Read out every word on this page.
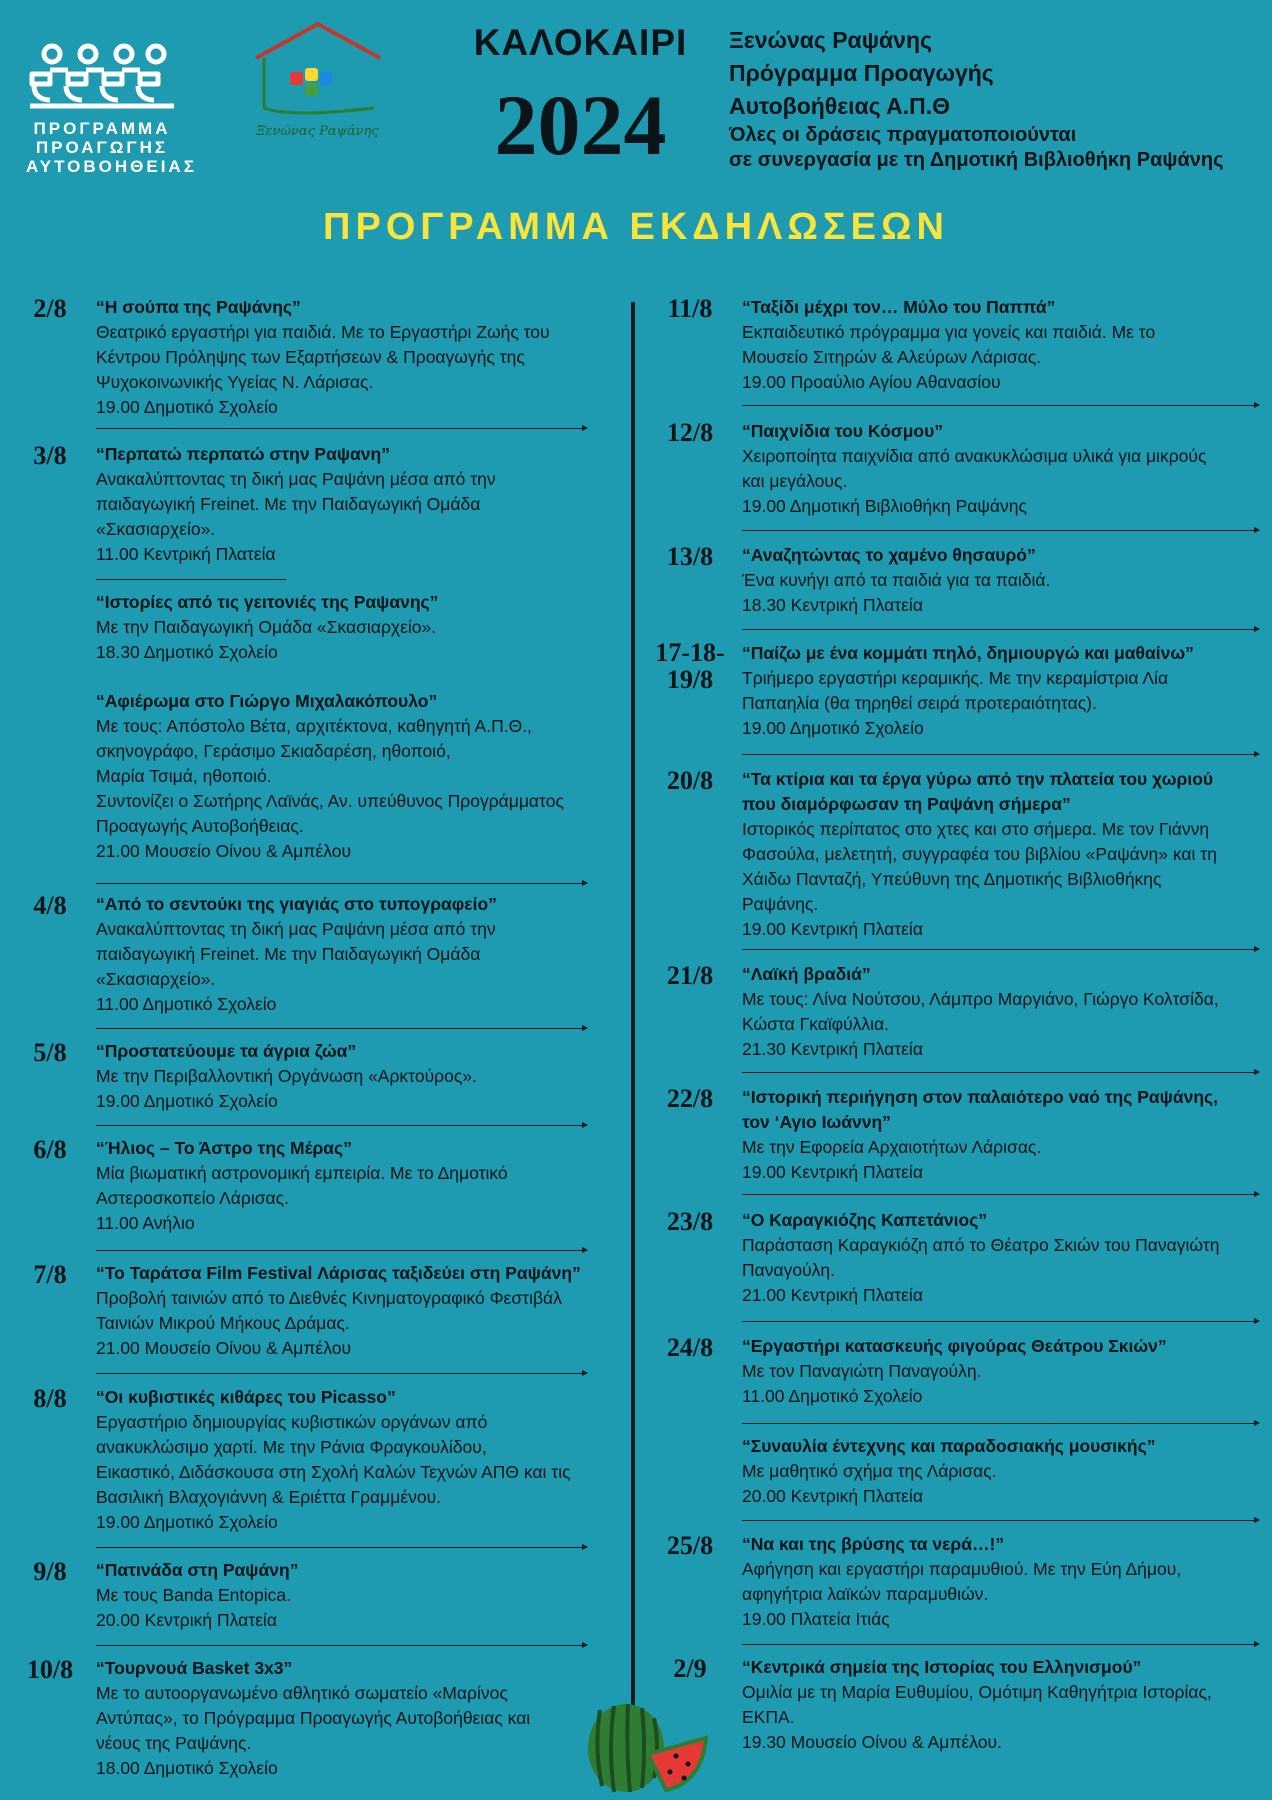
ΠΡΟΓΡΑΜΜΑ
ΠΡΟΑΓΩΓΗΣ
ΑΥΤΟΒΟΗΘΕΙΑΣ
Ξενώνας Ραψάνης
ΚΑΛΟΚΑΙΡΙ
2024
Ξενώνας Ραψάνης
Πρόγραμμα Προαγωγής
Αυτοβοήθειας Α.Π.Θ
Όλες οι δράσεις πραγματοποιούνται
σε συνεργασία με τη Δημοτική Βιβλιοθήκη Ραψάνης
ΠΡΟΓΡΑΜΜΑ ΕΚΔΗΛΩΣΕΩΝ
2/8	“Η σούπα της Ραψάνης”
Θεατρικό εργαστήρι για παιδιά. Με το Εργαστήρι Ζωής του
Κέντρου Πρόληψης των Εξαρτήσεων & Προαγωγής της
Ψυχοκοινωνικής Υγείας Ν. Λάρισας.
19.00 Δημοτικό Σχολείο
3/8	“Περπατώ περπατώ στην Ραψανη”
Ανακαλύπτοντας τη δική μας Ραψάνη μέσα από την
παιδαγωγική Freinet. Με την Παιδαγωγική Ομάδα
«Σκασιαρχείο».
11.00 Κεντρική Πλατεία
“Ιστορίες από τις γειτονιές της Ραψανης”
Με την Παιδαγωγική Ομάδα «Σκασιαρχείο».
18.30 Δημοτικό Σχολείο
“Αφιέρωμα στο Γιώργο Μιχαλακόπουλο”
Με τους: Απόστολο Βέτα, αρχιτέκτονα, καθηγητή Α.Π.Θ.,
σκηνογράφο, Γεράσιμο Σκιαδαρέση, ηθοποιό,
Μαρία Τσιμά, ηθοποιό.
Συντονίζει ο Σωτήρης Λαϊνάς, Αν. υπεύθυνος Προγράμματος
Προαγωγής Αυτοβοήθειας.
21.00 Μουσείο Οίνου & Αμπέλου
4/8	“Από το σεντούκι της γιαγιάς στο τυπογραφείο”
Ανακαλύπτοντας τη δική μας Ραψάνη μέσα από την
παιδαγωγική Freinet. Με την Παιδαγωγική Ομάδα
«Σκασιαρχείο».
11.00 Δημοτικό Σχολείο
5/8	“Προστατεύουμε τα άγρια ζώα”
Με την Περιβαλλοντική Οργάνωση «Αρκτούρος».
19.00 Δημοτικό Σχολείο
6/8	“Ήλιος – Το Άστρο της Μέρας”
Μία βιωματική αστρονομική εμπειρία. Με το Δημοτικό
Αστεροσκοπείο Λάρισας.
11.00 Ανήλιο
7/8	“Το Ταράτσα Film Festival Λάρισας ταξιδεύει στη Ραψάνη”
Προβολή ταινιών από το Διεθνές Κινηματογραφικό Φεστιβάλ
Ταινιών Μικρού Μήκους Δράμας.
21.00 Μουσείο Οίνου & Αμπέλου
8/8	“Οι κυβιστικές κιθάρες του Picasso”
Εργαστήριο δημιουργίας κυβιστικών οργάνων από
ανακυκλώσιμο χαρτί. Με την Ράνια Φραγκουλίδου,
Εικαστικό, Διδάσκουσα στη Σχολή Καλών Τεχνών ΑΠΘ και τις
Βασιλική Βλαχογιάννη & Εριέττα Γραμμένου.
19.00 Δημοτικό Σχολείο
9/8	“Πατινάδα στη Ραψάνη”
Με τους Banda Entopica.
20.00 Κεντρική Πλατεία
10/8	“Τουρνουά Basket 3x3”
Με το αυτοοργανωμένο αθλητικό σωματείο «Μαρίνος
Αντύπας», το Πρόγραμμα Προαγωγής Αυτοβοήθειας και
νέους της Ραψάνης.
18.00 Δημοτικό Σχολείο
11/8	“Ταξίδι μέχρι τον… Μύλο του Παππά”
Εκπαιδευτικό πρόγραμμα για γονείς και παιδιά. Με το
Μουσείο Σιτηρών & Αλεύρων Λάρισας.
19.00 Προαύλιο Αγίου Αθανασίου
12/8	“Παιχνίδια του Κόσμου”
Χειροποίητα παιχνίδια από ανακυκλώσιμα υλικά για μικρούς
και μεγάλους.
19.00 Δημοτική Βιβλιοθήκη Ραψάνης
13/8	“Αναζητώντας το χαμένο θησαυρό”
Ένα κυνήγι από τα παιδιά για τα παιδιά.
18.30 Κεντρική Πλατεία
17-18-
19/8
“Παίζω με ένα κομμάτι πηλό, δημιουργώ και μαθαίνω”
Τριήμερο εργαστήρι κεραμικής. Με την κεραμίστρια Λία
Παπαηλία (θα τηρηθεί σειρά προτεραιότητας).
19.00 Δημοτικό Σχολείο
20/8	“Τα κτίρια και τα έργα γύρω από την πλατεία του χωριού
που διαμόρφωσαν τη Ραψάνη σήμερα”
Ιστορικός περίπατος στο χτες και στο σήμερα. Με τον Γιάννη
Φασούλα, μελετητή, συγγραφέα του βιβλίου «Ραψάνη» και τη
Χάιδω Πανταζή, Υπεύθυνη της Δημοτικής Βιβλιοθήκης
Ραψάνης.
19.00 Κεντρική Πλατεία
21/8	“Λαϊκή βραδιά”
Με τους: Λίνα Νούτσου, Λάμπρο Μαργιάνο, Γιώργο Κολτσίδα,
Κώστα Γκαϊφύλλια.
21.30 Κεντρική Πλατεία
22/8	“Ιστορική περιήγηση στον παλαιότερο ναό της Ραψάνης,
τον ‘Αγιο Ιωάννη”
Με την Εφορεία Αρχαιοτήτων Λάρισας.
19.00 Κεντρική Πλατεία
23/8	“Ο Καραγκιόζης Καπετάνιος”
Παράσταση Καραγκιόζη από το Θέατρο Σκιών του Παναγιώτη
Παναγούλη.
21.00 Κεντρική Πλατεία
24/8	“Εργαστήρι κατασκευής φιγούρας Θεάτρου Σκιών”
Με τον Παναγιώτη Παναγούλη.
11.00 Δημοτικό Σχολείο
“Συναυλία έντεχνης και παραδοσιακής μουσικής”
Με μαθητικό σχήμα της Λάρισας.
20.00 Κεντρική Πλατεία
25/8	“Να και της βρύσης τα νερά…!”
Αφήγηση και εργαστήρι παραμυθιού. Με την Εύη Δήμου,
αφηγήτρια λαϊκών παραμυθιών.
19.00 Πλατεία Ιτιάς
2/9	“Κεντρικά σημεία της Ιστορίας του Ελληνισμού”
Ομιλία με τη Μαρία Ευθυμίου, Ομότιμη Καθηγήτρια Ιστορίας,
ΕΚΠΑ.
19.30 Μουσείο Οίνου & Αμπέλου.
